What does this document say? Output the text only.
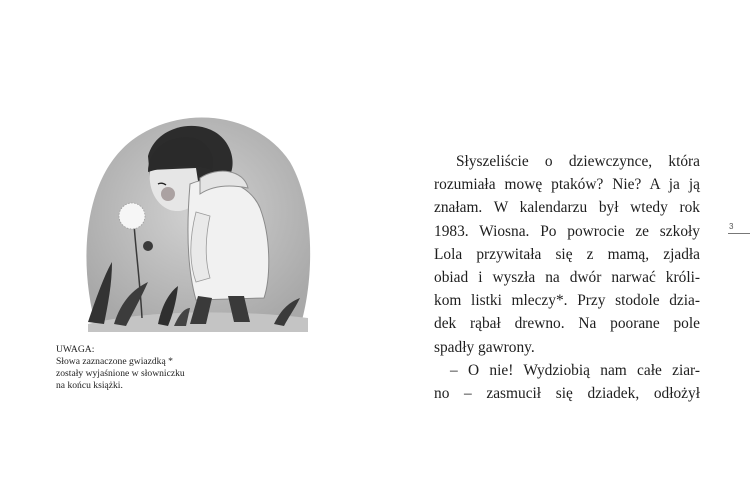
UWAGA:
Słowa zaznaczone gwiazdką *
zostały wyjaśnione w słowniczku
na końcu książki.
Słyszeliście o dziewczynce, która
rozumiała mowę ptaków? Nie? A ja ją
znałam. W kalendarzu był wtedy rok
1983. Wiosna. Po powrocie ze szkoły
Lola przywitała się z mamą, zjadła
obiad i wyszła na dwór narwać króli-
kom listki mleczy*. Przy stodole dzia-
dek rąbał drewno. Na poorane pole
spadły gawrony.
– O nie! Wydziobią nam całe ziar-
no – zasmucił się dziadek, odłożył
3
